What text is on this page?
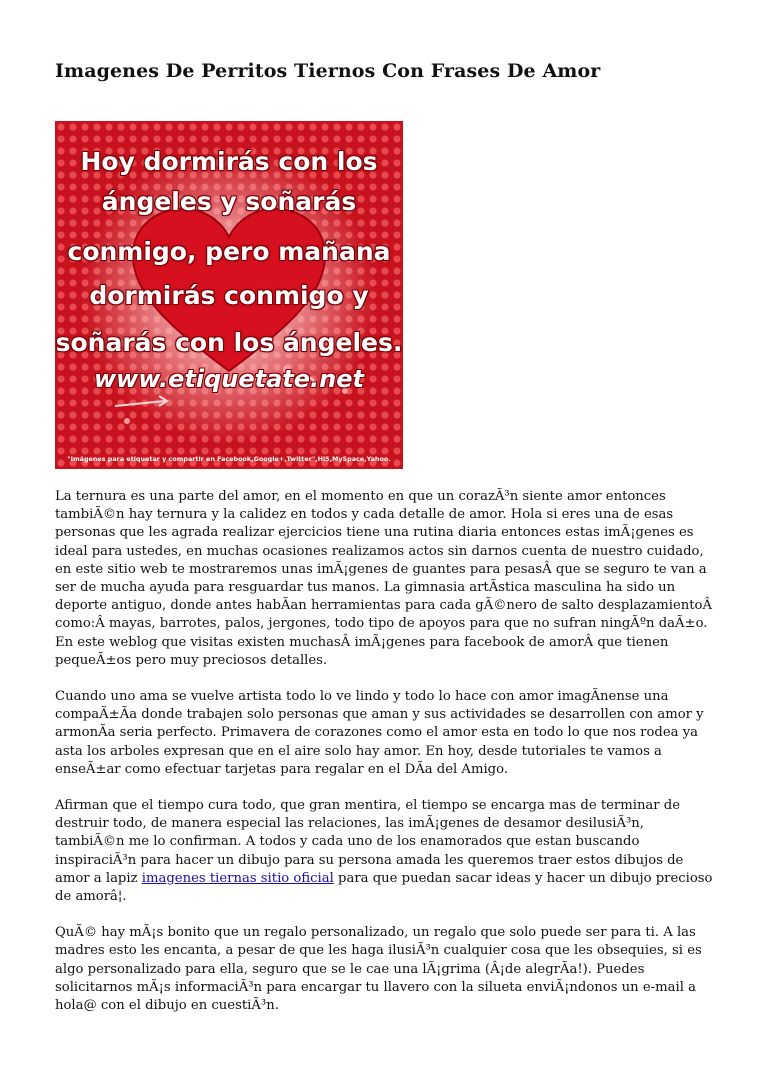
Imagenes De Perritos Tiernos Con Frases De Amor
Hoy dormirás con los
ángeles y soñarás
conmigo, pero mañana
dormirás conmigo y
soñarás con los ángeles.
www.etiquetate.net
"Imágenes para etiquetar y compartir en Facebook,Google+,Twitter",Hi5,MySpace,Yahoo.

La ternura es una parte del amor, en el momento en que un corazÃ³n siente amor entonces tambiÃ©n hay ternura y la calidez en todos y cada detalle de amor. Hola si eres una de esas personas que les agrada realizar ejercicios tiene una rutina diaria entonces estas imÃ¡genes es ideal para ustedes, en muchas ocasiones realizamos actos sin darnos cuenta de nuestro cuidado, en este sitio web te mostraremos unas imÃ¡genes de guantes para pesasÂ que se seguro te van a ser de mucha ayuda para resguardar tus manos. La gimnasia artÃstica masculina ha sido un deporte antiguo, donde antes habÃan herramientas para cada gÃ©nero de salto desplazamientoÂ como:Â mayas, barrotes, palos, jergones, todo tipo de apoyos para que no sufran ningÃºn daÃ±o. En este weblog que visitas existen muchasÂ imÃ¡genes para facebook de amorÂ que tienen pequeÃ±os pero muy preciosos detalles.

Cuando uno ama se vuelve artista todo lo ve lindo y todo lo hace con amor imagÃnense una compaÃ±Ãa donde trabajen solo personas que aman y sus actividades se desarrollen con amor y armonÃa seria perfecto. Primavera de corazones como el amor esta en todo lo que nos rodea ya asta los arboles expresan que en el aire solo hay amor. En hoy, desde tutoriales te vamos a enseÃ±ar como efectuar tarjetas para regalar en el DÃa del Amigo.

Afirman que el tiempo cura todo, que gran mentira, el tiempo se encarga mas de terminar de destruir todo, de manera especial las relaciones, las imÃ¡genes de desamor desilusiÃ³n, tambiÃ©n me lo confirman. A todos y cada uno de los enamorados que estan buscando inspiraciÃ³n para hacer un dibujo para su persona amada les queremos traer estos dibujos de amor a lapiz imagenes tiernas sitio oficial para que puedan sacar ideas y hacer un dibujo precioso de amorâ¦.

QuÃ© hay mÃ¡s bonito que un regalo personalizado, un regalo que solo puede ser para ti. A las madres esto les encanta, a pesar de que les haga ilusiÃ³n cualquier cosa que les obsequies, si es algo personalizado para ella, seguro que se le cae una lÃ¡grima (Â¡de alegrÃa!). Puedes solicitarnos mÃ¡s informaciÃ³n para encargar tu llavero con la silueta enviÃ¡ndonos un e-mail a hola@ con el dibujo en cuestiÃ³n.
